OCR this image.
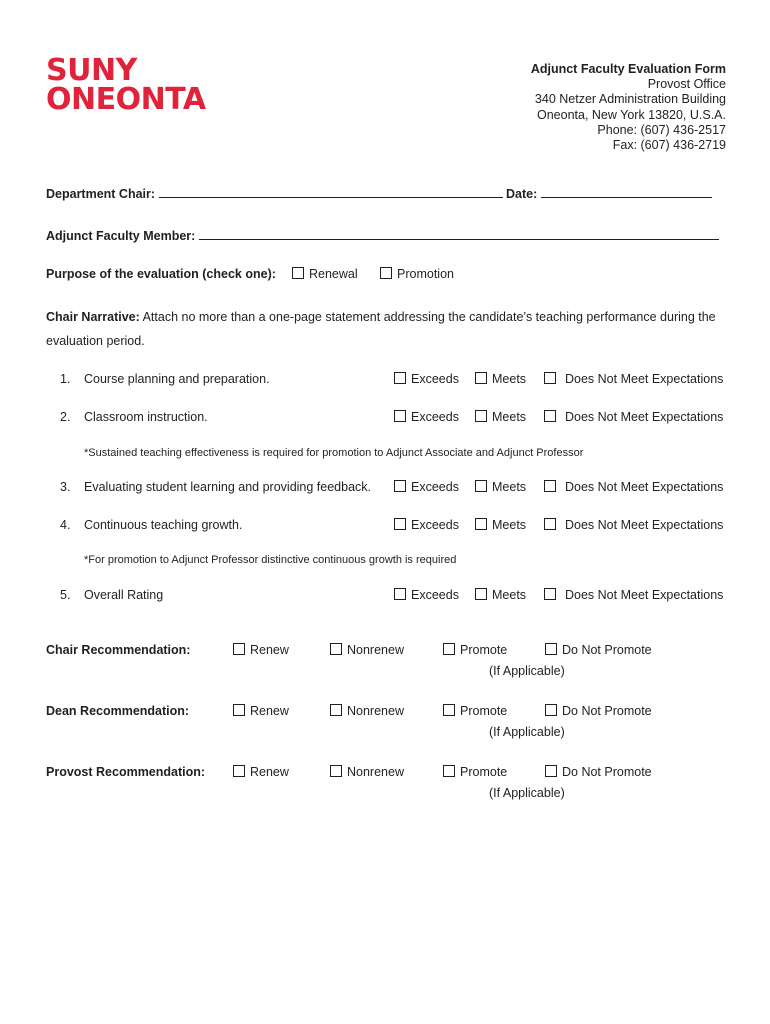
SUNY
ONEONTA
Adjunct Faculty Evaluation Form
Provost Office
340 Netzer Administration Building
Oneonta, New York 13820, U.S.A.
Phone: (607) 436-2517
Fax: (607) 436-2719
Department Chair:	Date:
Adjunct Faculty Member:
Purpose of the evaluation (check one):	Renewal	Promotion
Chair Narrative: Attach no more than a one-page statement addressing the candidate’s teaching performance during the evaluation period.
1. Course planning and preparation.	Exceeds	Meets	Does Not Meet Expectations
2. Classroom instruction.	Exceeds	Meets	Does Not Meet Expectations
*Sustained teaching effectiveness is required for promotion to Adjunct Associate and Adjunct Professor
3. Evaluating student learning and providing feedback.	Exceeds	Meets	Does Not Meet Expectations
4. Continuous teaching growth.	Exceeds	Meets	Does Not Meet Expectations
*For promotion to Adjunct Professor distinctive continuous growth is required
5. Overall Rating	Exceeds	Meets	Does Not Meet Expectations
Chair Recommendation:	Renew	Nonrenew	Promote	Do Not Promote
(If Applicable)
Dean Recommendation:	Renew	Nonrenew	Promote	Do Not Promote
(If Applicable)
Provost Recommendation:	Renew	Nonrenew	Promote	Do Not Promote
(If Applicable)
